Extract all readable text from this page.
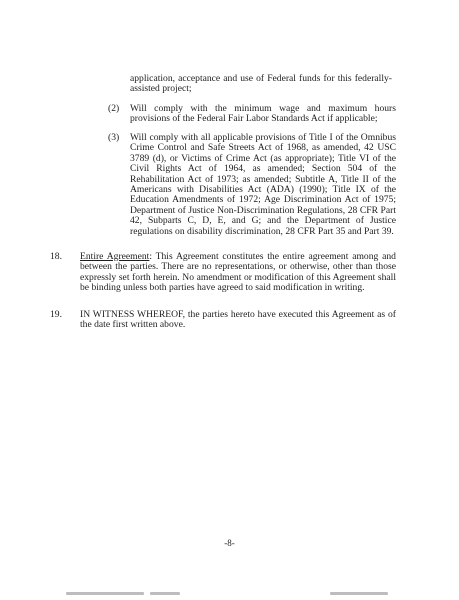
application, acceptance and use of Federal funds for this federally-assisted project;

(2) Will comply with the minimum wage and maximum hours provisions of the Federal Fair Labor Standards Act if applicable;
(3) Will comply with all applicable provisions of Title I of the Omnibus Crime Control and Safe Streets Act of 1968, as amended, 42 USC 3789 (d), or Victims of Crime Act (as appropriate); Title VI of the Civil Rights Act of 1964, as amended; Section 504 of the Rehabilitation Act of 1973; as amended; Subtitle A, Title II of the Americans with Disabilities Act (ADA) (1990); Title IX of the Education Amendments of 1972; Age Discrimination Act of 1975; Department of Justice Non-Discrimination Regulations, 28 CFR Part 42, Subparts C, D, E, and G; and the Department of Justice regulations on disability discrimination, 28 CFR Part 35 and Part 39.
18. Entire Agreement: This Agreement constitutes the entire agreement among and between the parties. There are no representations, or otherwise, other than those expressly set forth herein. No amendment or modification of this Agreement shall be binding unless both parties have agreed to said modification in writing.
19. IN WITNESS WHEREOF, the parties hereto have executed this Agreement as of the date first written above.
-8-
